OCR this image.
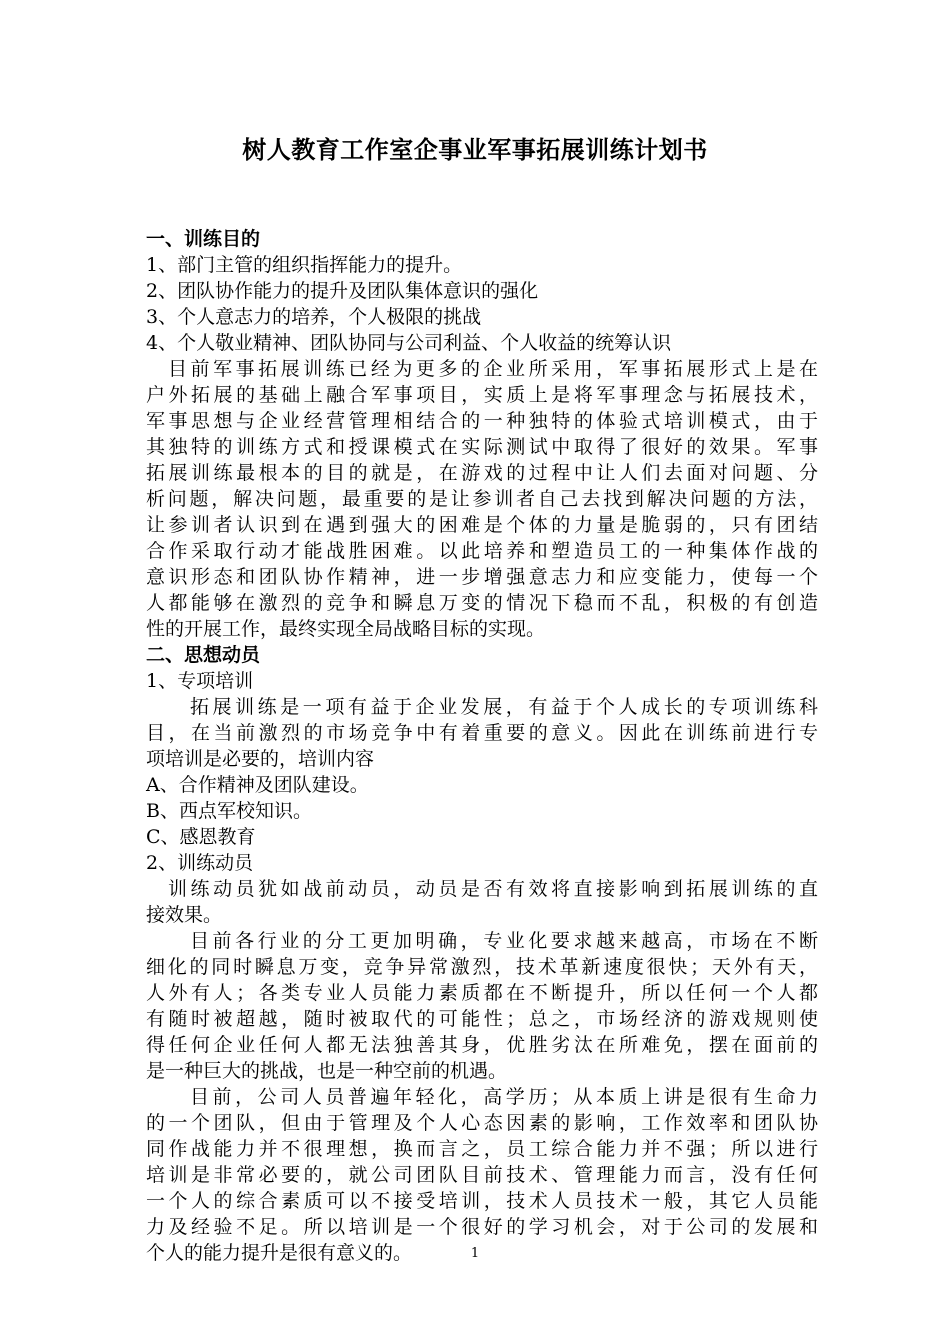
树人教育工作室企事业军事拓展训练计划书
一、训练目的
1、部门主管的组织指挥能力的提升。
2、团队协作能力的提升及团队集体意识的强化
3、个人意志力的培养，个人极限的挑战
4、个人敬业精神、团队协同与公司利益、个人收益的统筹认识
目前军事拓展训练已经为更多的企业所采用，军事拓展形式上是在
户外拓展的基础上融合军事项目，实质上是将军事理念与拓展技术，
军事思想与企业经营管理相结合的一种独特的体验式培训模式，由于
其独特的训练方式和授课模式在实际测试中取得了很好的效果。军事
拓展训练最根本的目的就是，在游戏的过程中让人们去面对问题、分
析问题，解决问题，最重要的是让参训者自己去找到解决问题的方法，
让参训者认识到在遇到强大的困难是个体的力量是脆弱的，只有团结
合作采取行动才能战胜困难。以此培养和塑造员工的一种集体作战的
意识形态和团队协作精神，进一步增强意志力和应变能力，使每一个
人都能够在激烈的竞争和瞬息万变的情况下稳而不乱，积极的有创造
性的开展工作，最终实现全局战略目标的实现。
二、思想动员
1、专项培训
拓展训练是一项有益于企业发展，有益于个人成长的专项训练科
目，在当前激烈的市场竞争中有着重要的意义。因此在训练前进行专
项培训是必要的，培训内容
A、合作精神及团队建设。
B、西点军校知识。
C、感恩教育
2、训练动员
训练动员犹如战前动员，动员是否有效将直接影响到拓展训练的直
接效果。
目前各行业的分工更加明确，专业化要求越来越高，市场在不断
细化的同时瞬息万变，竞争异常激烈，技术革新速度很快；天外有天，
人外有人；各类专业人员能力素质都在不断提升，所以任何一个人都
有随时被超越，随时被取代的可能性；总之，市场经济的游戏规则使
得任何企业任何人都无法独善其身，优胜劣汰在所难免，摆在面前的
是一种巨大的挑战，也是一种空前的机遇。
目前，公司人员普遍年轻化，高学历；从本质上讲是很有生命力
的一个团队，但由于管理及个人心态因素的影响，工作效率和团队协
同作战能力并不很理想，换而言之，员工综合能力并不强；所以进行
培训是非常必要的，就公司团队目前技术、管理能力而言，没有任何
一个人的综合素质可以不接受培训，技术人员技术一般，其它人员能
力及经验不足。所以培训是一个很好的学习机会，对于公司的发展和
个人的能力提升是很有意义的。	1
